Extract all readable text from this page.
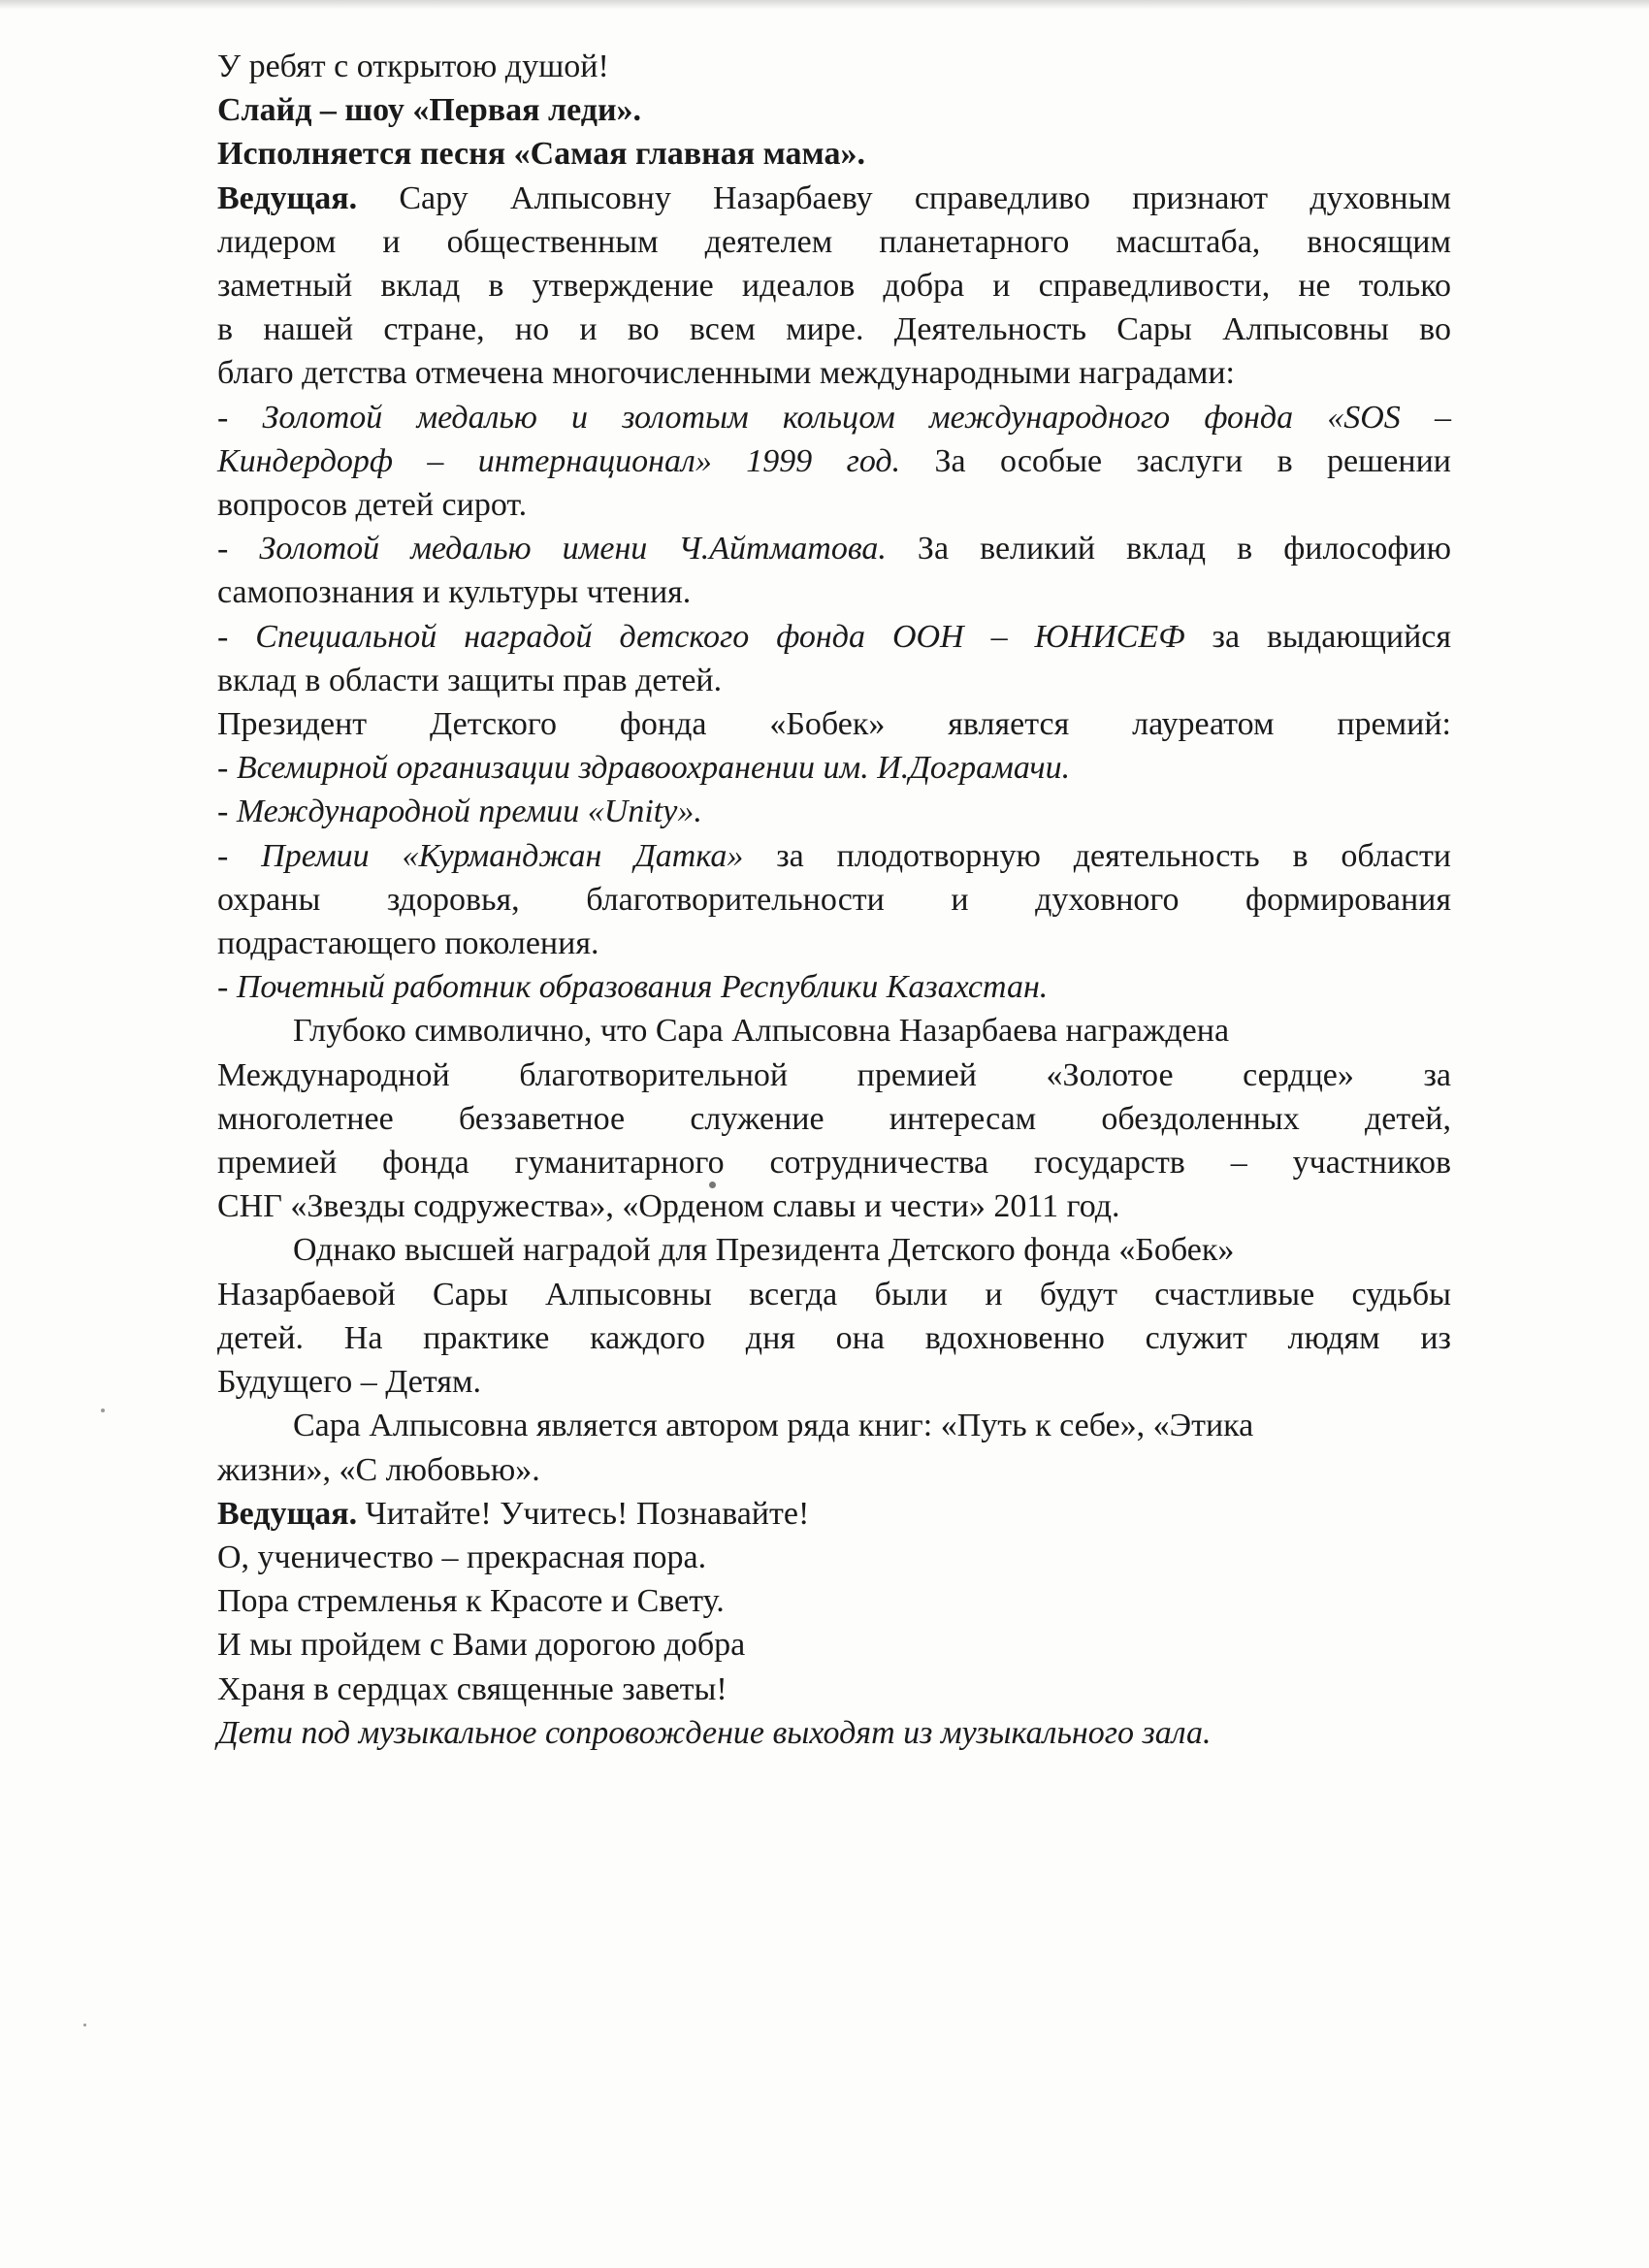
У ребят с открытою душой!
Слайд – шоу «Первая леди».
Исполняется песня «Самая главная мама».
Ведущая. Сару Алпысовну Назарбаеву справедливо признают духовным
лидером и общественным деятелем планетарного масштаба, вносящим
заметный вклад в утверждение идеалов добра и справедливости, не только
в нашей стране, но и во всем мире. Деятельность Сары Алпысовны во
благо детства отмечена многочисленными международными наградами:
- Золотой медалью и золотым кольцом международного фонда «SOS –
Киндердорф – интернационал» 1999 год. За особые заслуги в решении
вопросов детей сирот.
- Золотой медалью имени Ч.Айтматова. За великий вклад в философию
самопознания и культуры чтения.
- Специальной наградой детского фонда ООН – ЮНИСЕФ за выдающийся
вклад в области защиты прав детей.
Президент Детского фонда «Бобек» является лауреатом премий:
- Всемирной организации здравоохранении им. И.Дограмачи.
- Международной премии «Unity».
- Премии «Курманджан Датка» за плодотворную деятельность в области
охраны здоровья, благотворительности и духовного формирования
подрастающего поколения.
- Почетный работник образования Республики Казахстан.
Глубоко символично, что Сара Алпысовна Назарбаева награждена
Международной благотворительной премией «Золотое сердце» за
многолетнее беззаветное служение интересам обездоленных детей,
премией фонда гуманитарного сотрудничества государств – участников
СНГ «Звезды содружества», «Орденом славы и чести» 2011 год.
Однако высшей наградой для Президента Детского фонда «Бобек»
Назарбаевой Сары Алпысовны всегда были и будут счастливые судьбы
детей. На практике каждого дня она вдохновенно служит людям из
Будущего – Детям.
Сара Алпысовна является автором ряда книг: «Путь к себе», «Этика
жизни», «С любовью».
Ведущая. Читайте! Учитесь! Познавайте!
О, ученичество – прекрасная пора.
Пора стремленья к Красоте и Свету.
И мы пройдем с Вами дорогою добра
Храня в сердцах священные заветы!
Дети под музыкальное сопровождение выходят из музыкального зала.
